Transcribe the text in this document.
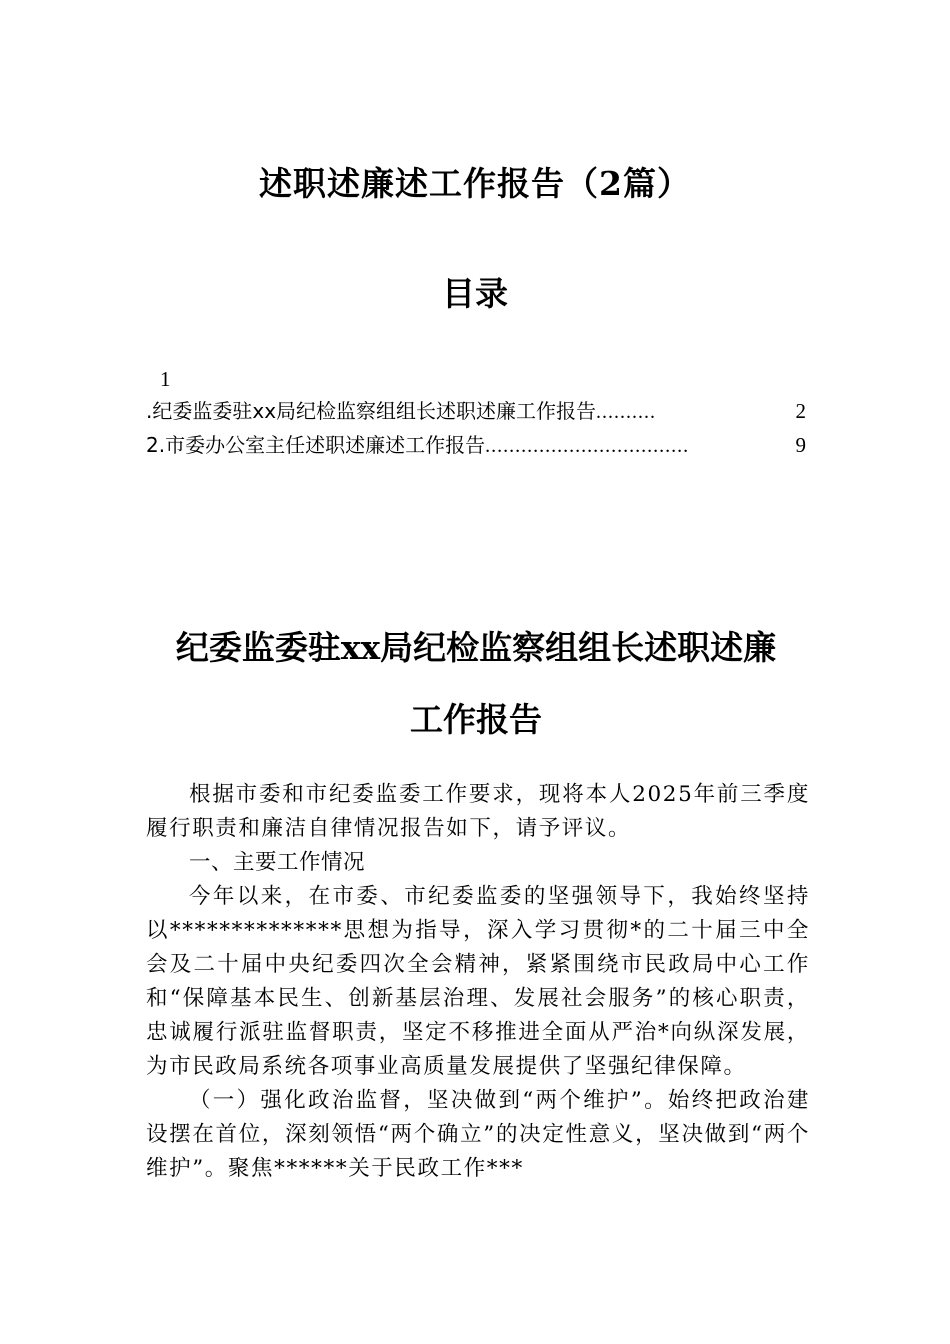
述职述廉述工作报告（2篇）
目录
1
.纪委监委驻xx局纪检监察组组长述职述廉工作报告 ..........	2
2.市委办公室主任述职述廉述工作报告 ..................................	9
纪委监委驻xx局纪检监察组组长述职述廉
工作报告

根据市委和市纪委监委工作要求，现将本人2025年前三季度履行职责和廉洁自律情况报告如下，请予评议。

一、主要工作情况

今年以来，在市委、市纪委监委的坚强领导下，我始终坚持以**************思想为指导，深入学习贯彻*的二十届三中全会及二十届中央纪委四次全会精神，紧紧围绕市民政局中心工作和“保障基本民生、创新基层治理、发展社会服务”的核心职责，忠诚履行派驻监督职责，坚定不移推进全面从严治*向纵深发展，为市民政局系统各项事业高质量发展提供了坚强纪律保障。

（一）强化政治监督，坚决做到“两个维护”。始终把政治建设摆在首位，深刻领悟“两个确立”的决定性意义，坚决做到“两个维护”。聚焦******关于民政工作***
